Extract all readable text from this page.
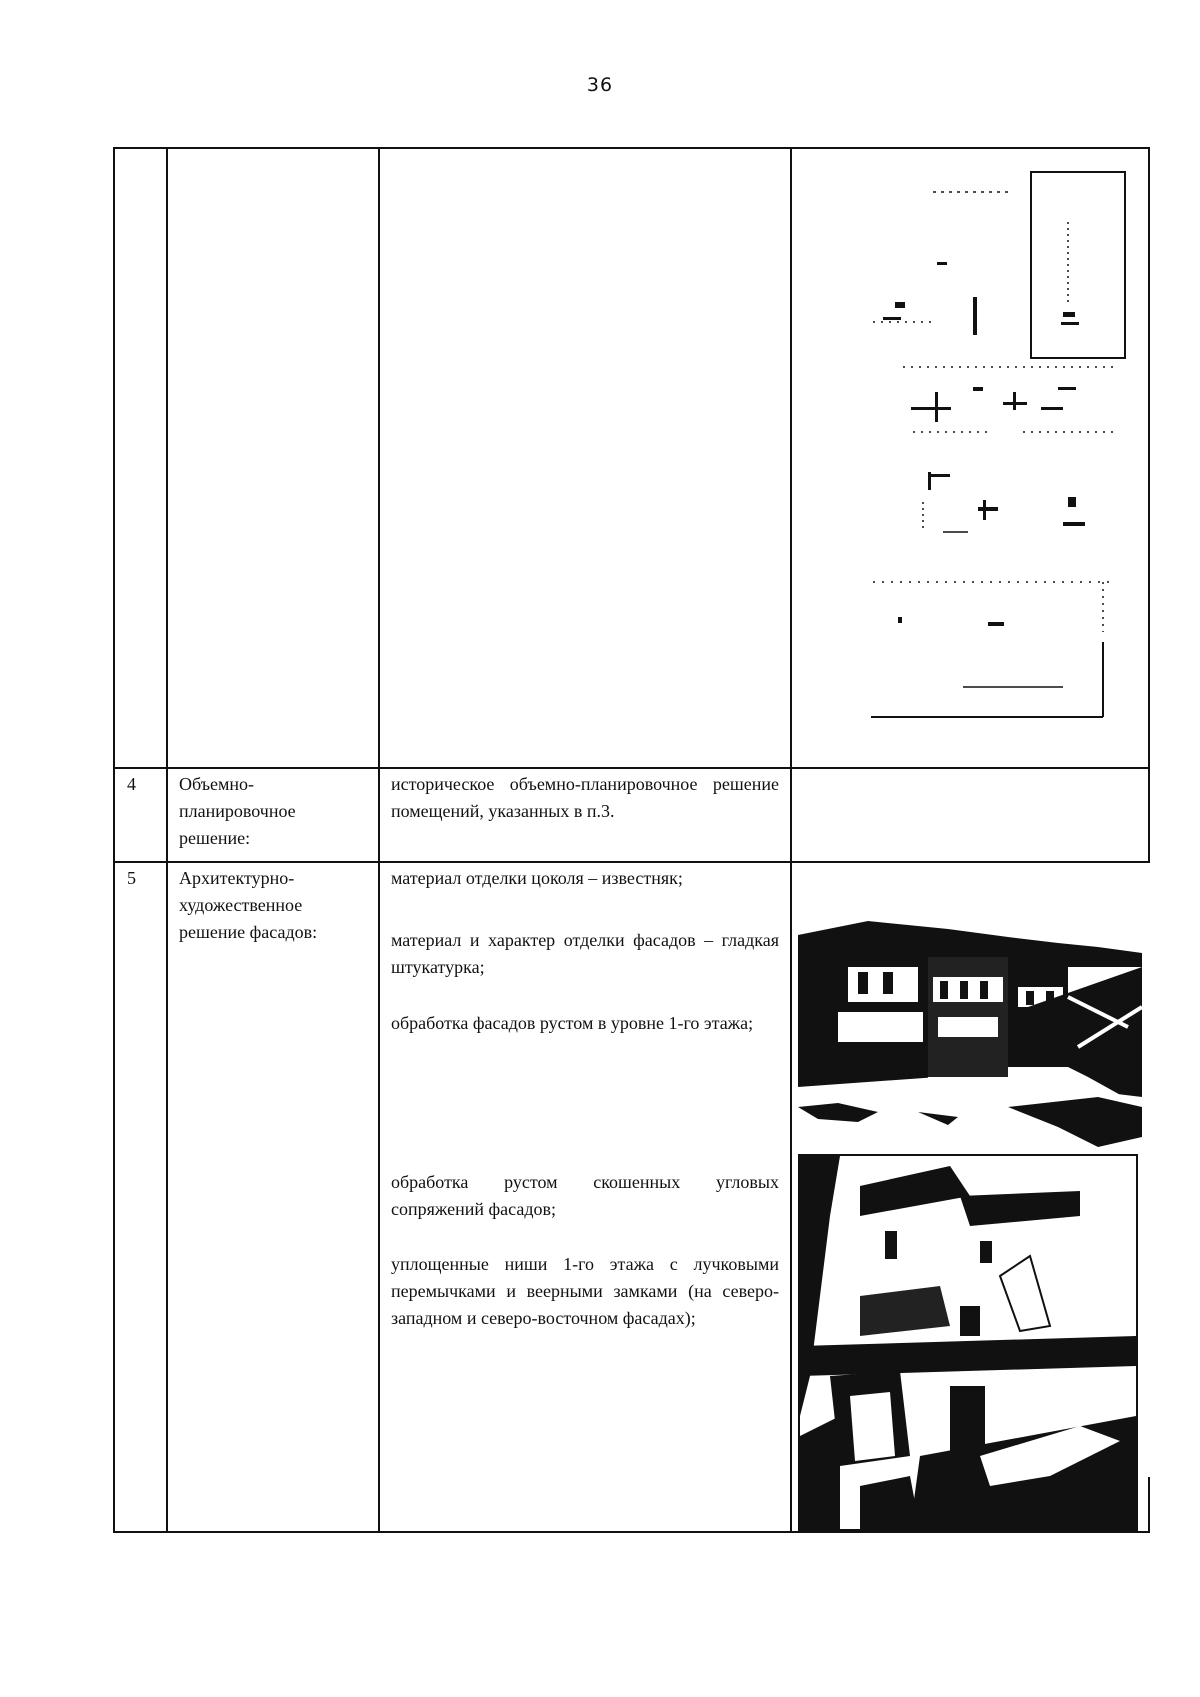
36
4	Объемно-
планировочное
решение:
историческое объемно-планировочное решение помещений, указанных в п.3.
5	Архитектурно-
художественное
решение фасадов:
материал отделки цоколя – известняк;
материал и характер отделки фасадов – гладкая штукатурка;
обработка фасадов рустом в уровне 1-го этажа;
обработка рустом скошенных угловых сопряжений фасадов;
уплощенные ниши 1-го этажа с лучковыми перемычками и веерными замками (на северо-западном и северо-восточном фасадах);
